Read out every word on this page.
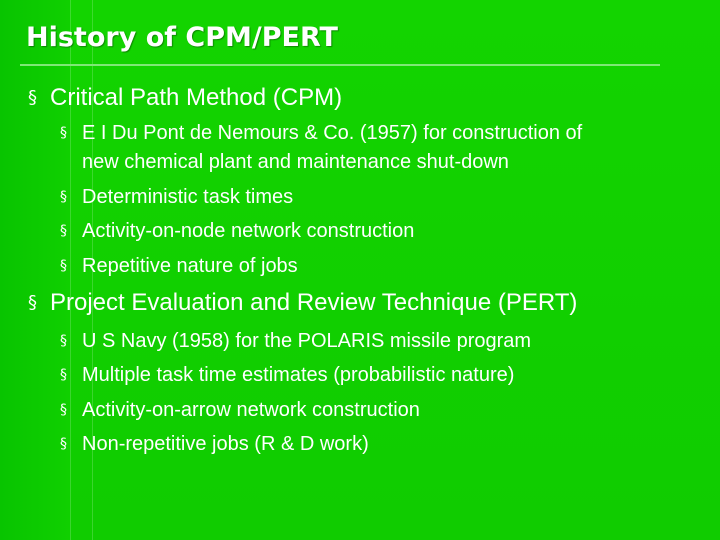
History of CPM/PERT
§ Critical Path Method (CPM)
§ E I Du Pont de Nemours & Co. (1957) for construction of
new chemical plant and maintenance shut-down
§ Deterministic task times
§ Activity-on-node network construction
§ Repetitive nature of jobs
§ Project Evaluation and Review Technique (PERT)
§ U S Navy (1958) for the POLARIS missile program
§ Multiple task time estimates (probabilistic nature)
§ Activity-on-arrow network construction
§ Non-repetitive jobs (R & D work)
